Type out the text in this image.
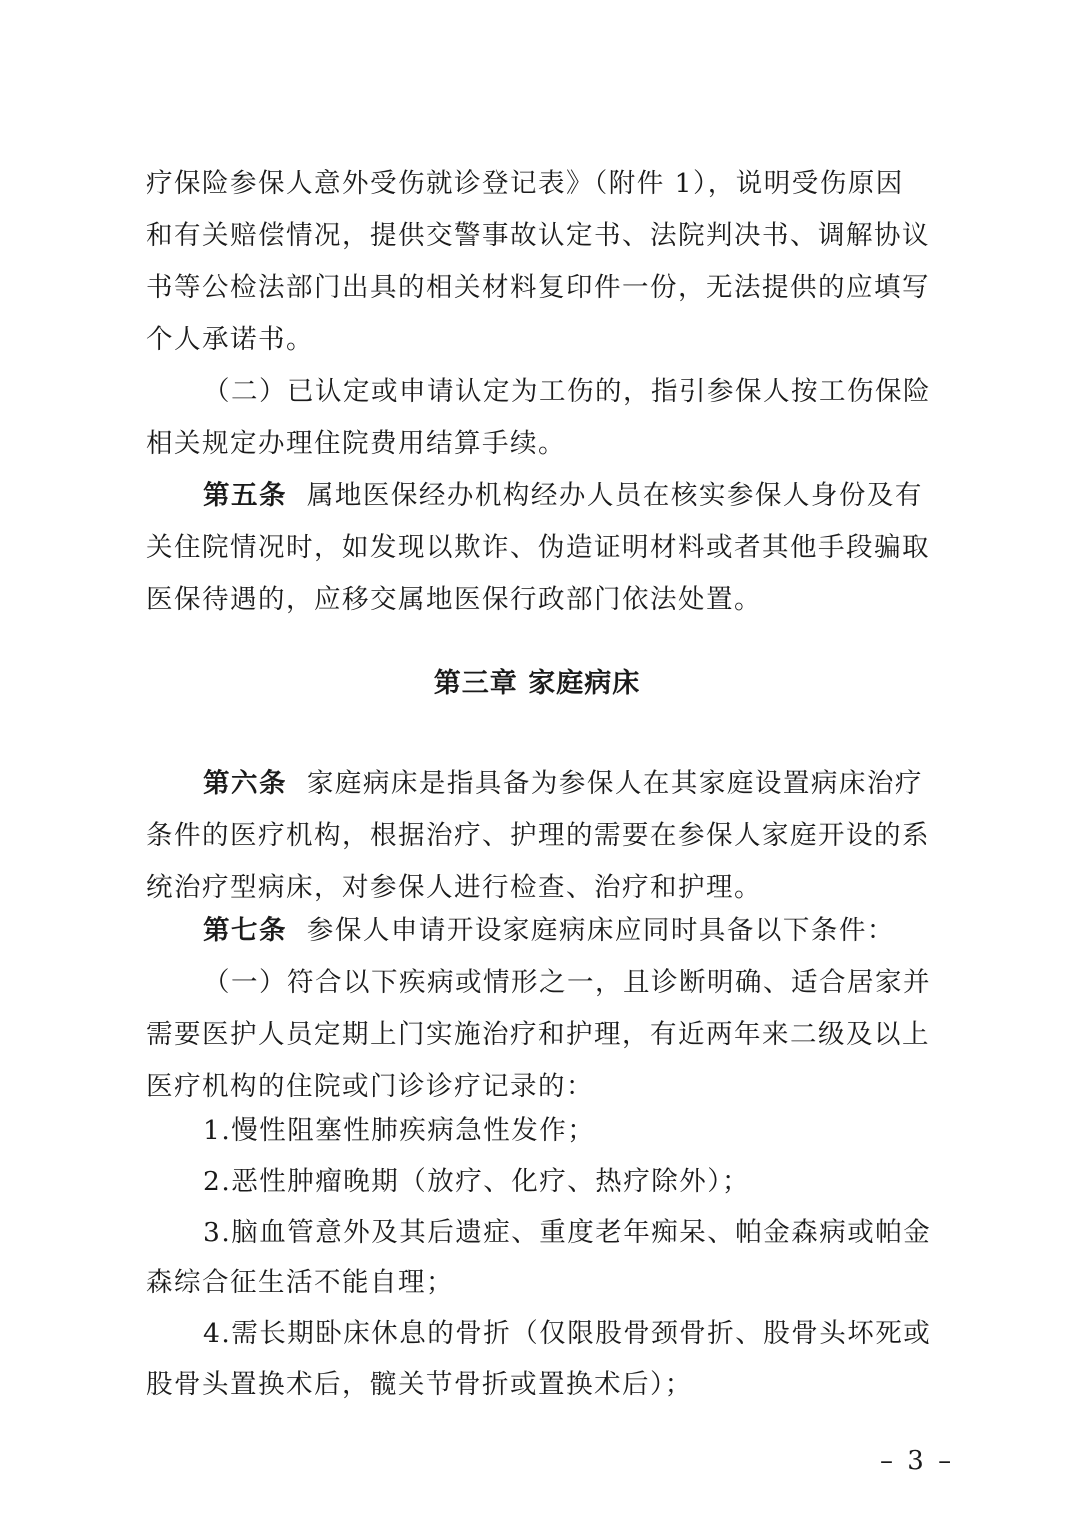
疗保险参保人意外受伤就诊登记表》（附件 1），说明受伤原因
和有关赔偿情况，提供交警事故认定书、法院判决书、调解协议
书等公检法部门出具的相关材料复印件一份，无法提供的应填写
个人承诺书。
（二）已认定或申请认定为工伤的，指引参保人按工伤保险
相关规定办理住院费用结算手续。
第五条 属地医保经办机构经办人员在核实参保人身份及有
关住院情况时，如发现以欺诈、伪造证明材料或者其他手段骗取
医保待遇的，应移交属地医保行政部门依法处置。
第三章 家庭病床
第六条 家庭病床是指具备为参保人在其家庭设置病床治疗
条件的医疗机构，根据治疗、护理的需要在参保人家庭开设的系
统治疗型病床，对参保人进行检查、治疗和护理。
第七条 参保人申请开设家庭病床应同时具备以下条件：
（一）符合以下疾病或情形之一，且诊断明确、适合居家并
需要医护人员定期上门实施治疗和护理，有近两年来二级及以上
医疗机构的住院或门诊诊疗记录的：
1.慢性阻塞性肺疾病急性发作；
2.恶性肿瘤晚期（放疗、化疗、热疗除外）；
3.脑血管意外及其后遗症、重度老年痴呆、帕金森病或帕金
森综合征生活不能自理；
4.需长期卧床休息的骨折（仅限股骨颈骨折、股骨头坏死或
股骨头置换术后，髋关节骨折或置换术后）；
– 3 –
